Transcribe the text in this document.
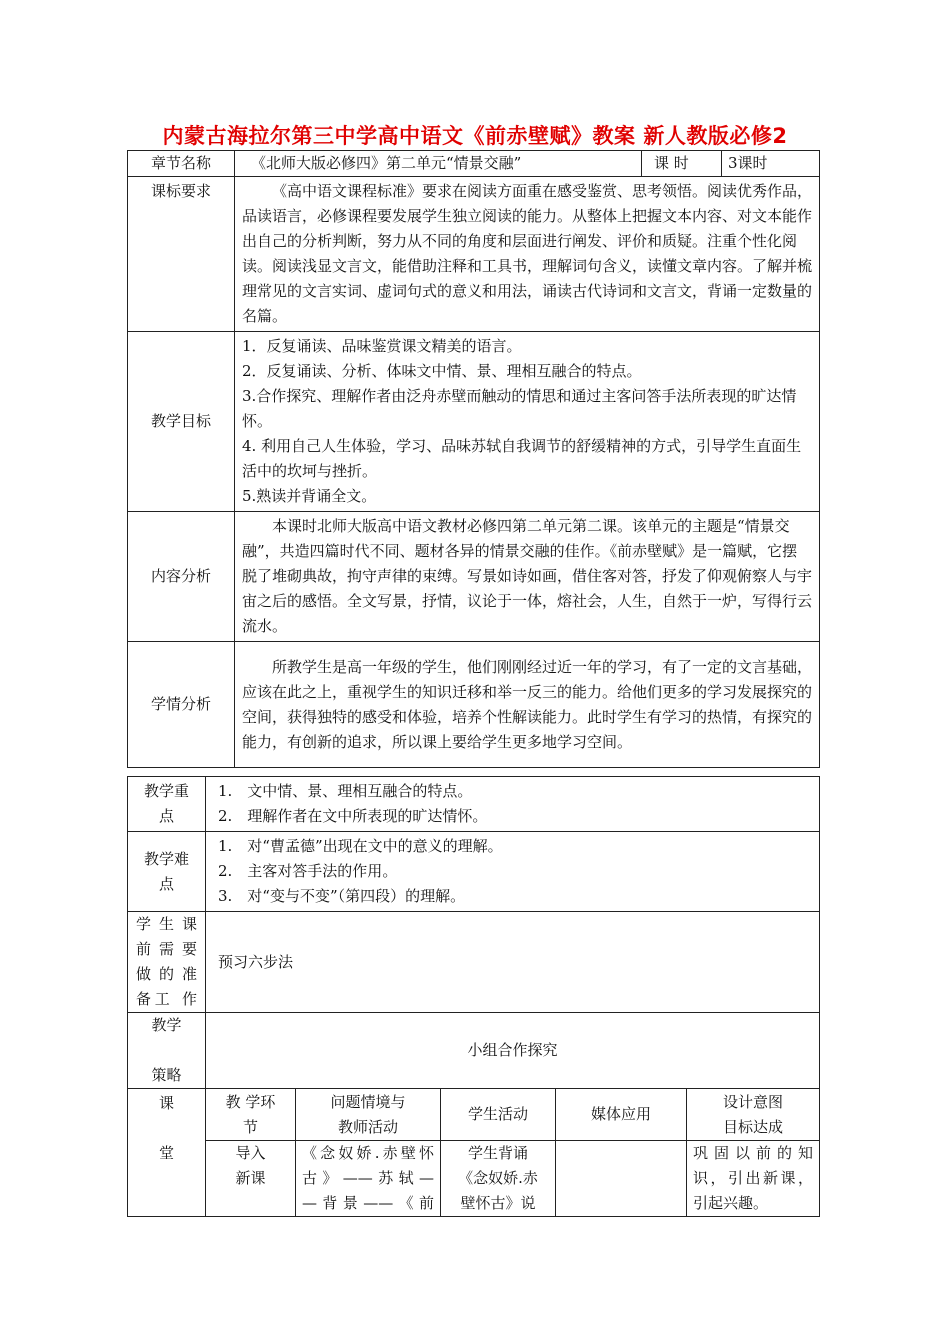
内蒙古海拉尔第三中学高中语文《前赤壁赋》教案 新人教版必修2
章节名称	《北师大版必修四》第二单元“情景交融”	课 时	3课时
课标要求	《高中语文课程标准》要求在阅读方面重在感受鉴赏、思考领悟。阅读优秀作品，品读语言，必修课程要发展学生独立阅读的能力。从整体上把握文本内容、对文本能作出自己的分析判断，努力从不同的角度和层面进行阐发、评价和质疑。注重个性化阅读。阅读浅显文言文，能借助注释和工具书，理解词句含义，读懂文章内容。了解并梳理常见的文言实词、虚词句式的意义和用法，诵读古代诗词和文言文，背诵一定数量的名篇。		
教学目标	1．反复诵读、品味鉴赏课文精美的语言。
2．反复诵读、分析、体味文中情、景、理相互融合的特点。
3.合作探究、理解作者由泛舟赤壁而触动的情思和通过主客问答手法所表现的旷达情怀。
4. 利用自己人生体验，学习、品味苏轼自我调节的舒缓精神的方式，引导学生直面生活中的坎坷与挫折。
5.熟读并背诵全文。		

内容分析	本课时北师大版高中语文教材必修四第二单元第二课。该单元的主题是“情景交融”，共造四篇时代不同、题材各异的情景交融的佳作。《前赤壁赋》是一篇赋，它摆脱了堆砌典故，拘守声律的束缚。写景如诗如画，借住客对答，抒发了仰观俯察人与宇宙之后的感悟。全文写景，抒情，议论于一体，熔社会，人生，自然于一炉，写得行云流水。		
学情分析	所教学生是高一年级的学生，他们刚刚经过近一年的学习，有了一定的文言基础，应该在此之上，重视学生的知识迁移和举一反三的能力。给他们更多的学习发展探究的空间，获得独特的感受和体验，培养个性解读能力。此时学生有学习的热情，有探究的能力，有创新的追求，所以课上要给学生更多地学习空间。		
教学重
点	1.　文中情、景、理相互融合的特点。
2.　理解作者在文中所表现的旷达情怀。				

教学难
点	1.　对“曹孟德”出现在文中的意义的理解。
2.　主客对答手法的作用。
3.　对“变与不变”（第四段）的理解。				

学生课
前需要
做的准
备工 作	预习六步法				

教学

策略	小组合作探究				

课

堂	教 学环
节	问题情境与
教师活动	学生活动	媒体应用	设计意图
目标达成

	导入
新课	《念奴娇.赤壁怀
古》——苏轼—
—背景——《前	学生背诵
《念奴娇.赤
壁怀古》说		巩固以前的知
识，引出新课，
引起兴趣。
